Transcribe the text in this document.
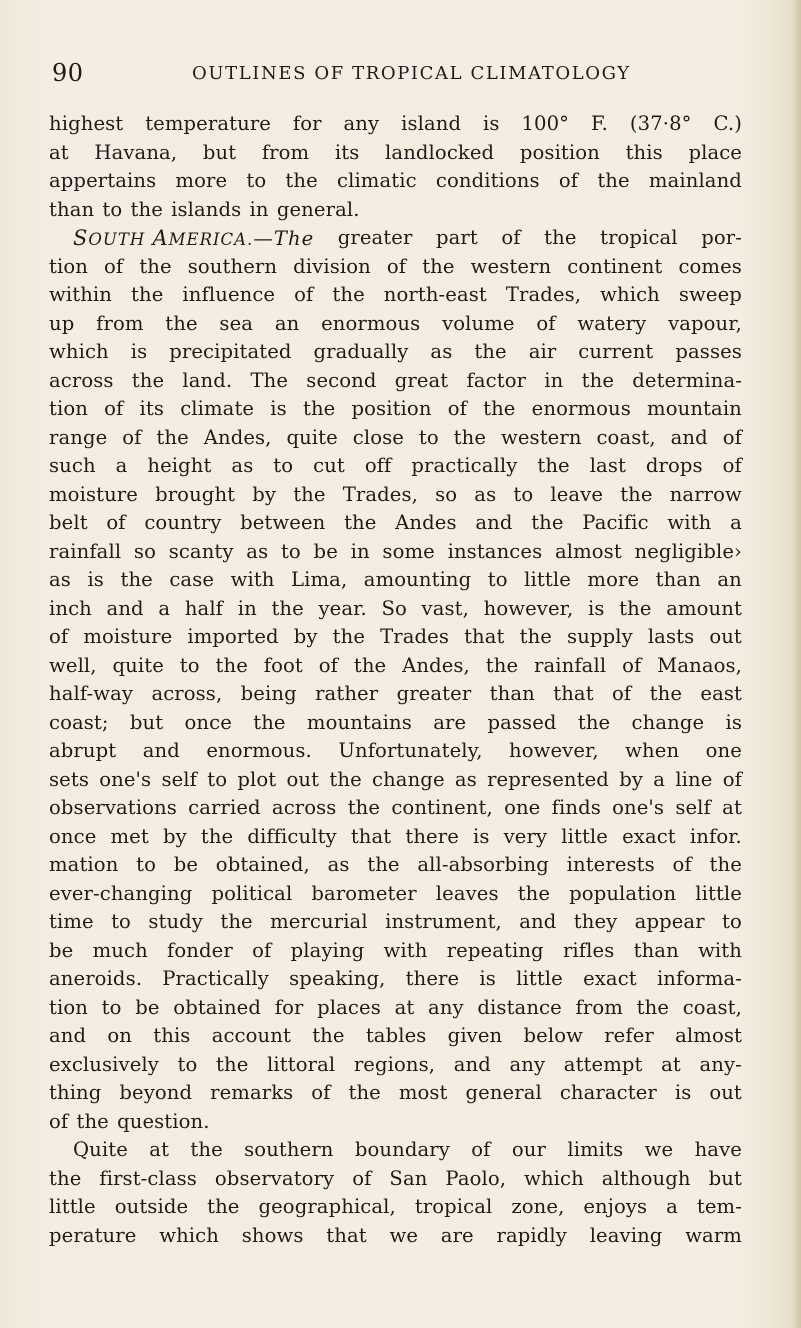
90	OUTLINES OF TROPICAL CLIMATOLOGY
highest temperature for any island is 100° F. (37·8° C.)
at Havana, but from its landlocked position this place
appertains more to the climatic conditions of the mainland
than to the islands in general.
SOUTH AMERICA.—The greater part of the tropical por-
tion of the southern division of the western continent comes
within the influence of the north-east Trades, which sweep
up from the sea an enormous volume of watery vapour,
which is precipitated gradually as the air current passes
across the land. The second great factor in the determina-
tion of its climate is the position of the enormous mountain
range of the Andes, quite close to the western coast, and of
such a height as to cut off practically the last drops of
moisture brought by the Trades, so as to leave the narrow
belt of country between the Andes and the Pacific with a
rainfall so scanty as to be in some instances almost negligible›
as is the case with Lima, amounting to little more than an
inch and a half in the year. So vast, however, is the amount
of moisture imported by the Trades that the supply lasts out
well, quite to the foot of the Andes, the rainfall of Manaos,
half-way across, being rather greater than that of the east
coast; but once the mountains are passed the change is
abrupt and enormous. Unfortunately, however, when one
sets one's self to plot out the change as represented by a line of
observations carried across the continent, one finds one's self at
once met by the difficulty that there is very little exact infor.
mation to be obtained, as the all-absorbing interests of the
ever-changing political barometer leaves the population little
time to study the mercurial instrument, and they appear to
be much fonder of playing with repeating rifles than with
aneroids. Practically speaking, there is little exact informa-
tion to be obtained for places at any distance from the coast,
and on this account the tables given below refer almost
exclusively to the littoral regions, and any attempt at any-
thing beyond remarks of the most general character is out
of the question.
Quite at the southern boundary of our limits we have
the first-class observatory of San Paolo, which although but
little outside the geographical, tropical zone, enjoys a tem-
perature which shows that we are rapidly leaving warm
